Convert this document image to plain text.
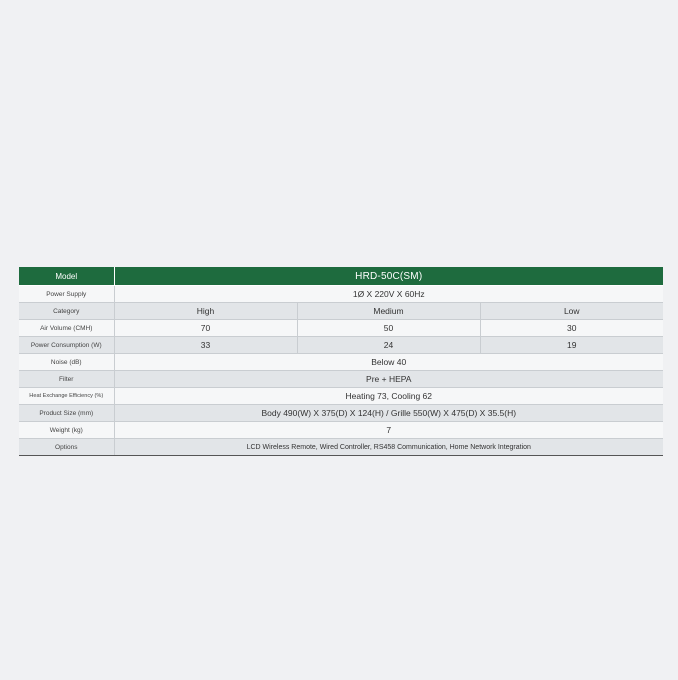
Model	HRD-50C(SM)		
Power Supply	1Ø X 220V X 60Hz		
Category	High	Medium	Low
Air Volume (CMH)	70	50	30
Power Consumption (W)	33	24	19
Noise (dB)	Below 40		
Filter	Pre + HEPA		
Heat Exchange Efficiency (%)	Heating 73, Cooling 62		
Product Size (mm)	Body 490(W) X 375(D) X 124(H) / Grille 550(W) X 475(D) X 35.5(H)		
Weight (kg)	7		
Options	LCD Wireless Remote, Wired Controller, RS458 Communication, Home Network Integration		
